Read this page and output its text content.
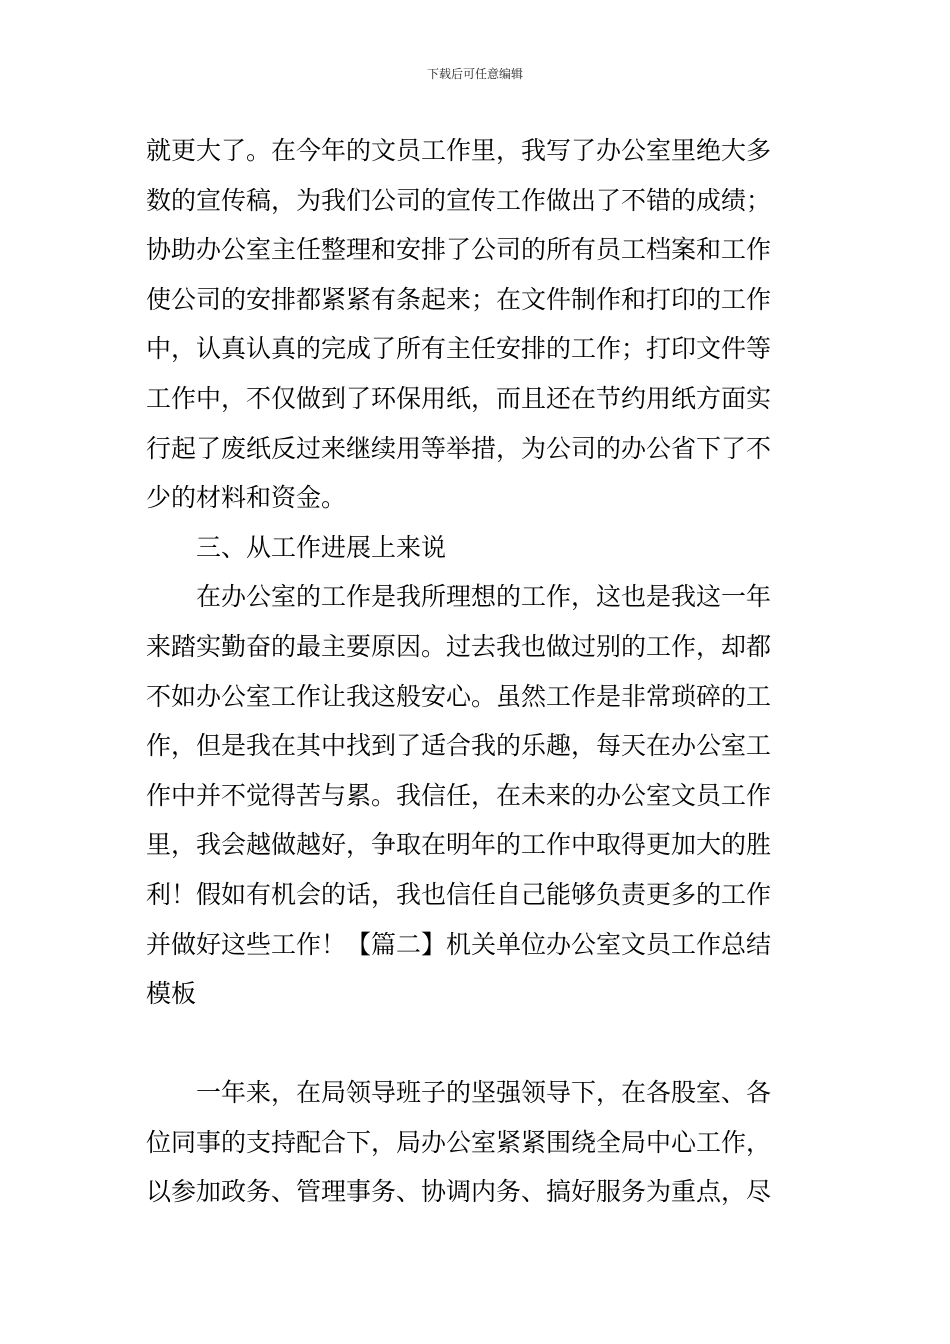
下载后可任意编辑
就更大了。在今年的文员工作里，我写了办公室里绝大多
数的宣传稿，为我们公司的宣传工作做出了不错的成绩；
协助办公室主任整理和安排了公司的所有员工档案和工作
使公司的安排都紧紧有条起来；在文件制作和打印的工作
中，认真认真的完成了所有主任安排的工作；打印文件等
工作中，不仅做到了环保用纸，而且还在节约用纸方面实
行起了废纸反过来继续用等举措，为公司的办公省下了不
少的材料和资金。
三、从工作进展上来说
在办公室的工作是我所理想的工作，这也是我这一年
来踏实勤奋的最主要原因。过去我也做过别的工作，却都
不如办公室工作让我这般安心。虽然工作是非常琐碎的工
作，但是我在其中找到了适合我的乐趣，每天在办公室工
作中并不觉得苦与累。我信任，在未来的办公室文员工作
里，我会越做越好，争取在明年的工作中取得更加大的胜
利！假如有机会的话，我也信任自己能够负责更多的工作
并做好这些工作！【篇二】机关单位办公室文员工作总结
模板
一年来，在局领导班子的坚强领导下，在各股室、各
位同事的支持配合下，局办公室紧紧围绕全局中心工作，
以参加政务、管理事务、协调内务、搞好服务为重点，尽
